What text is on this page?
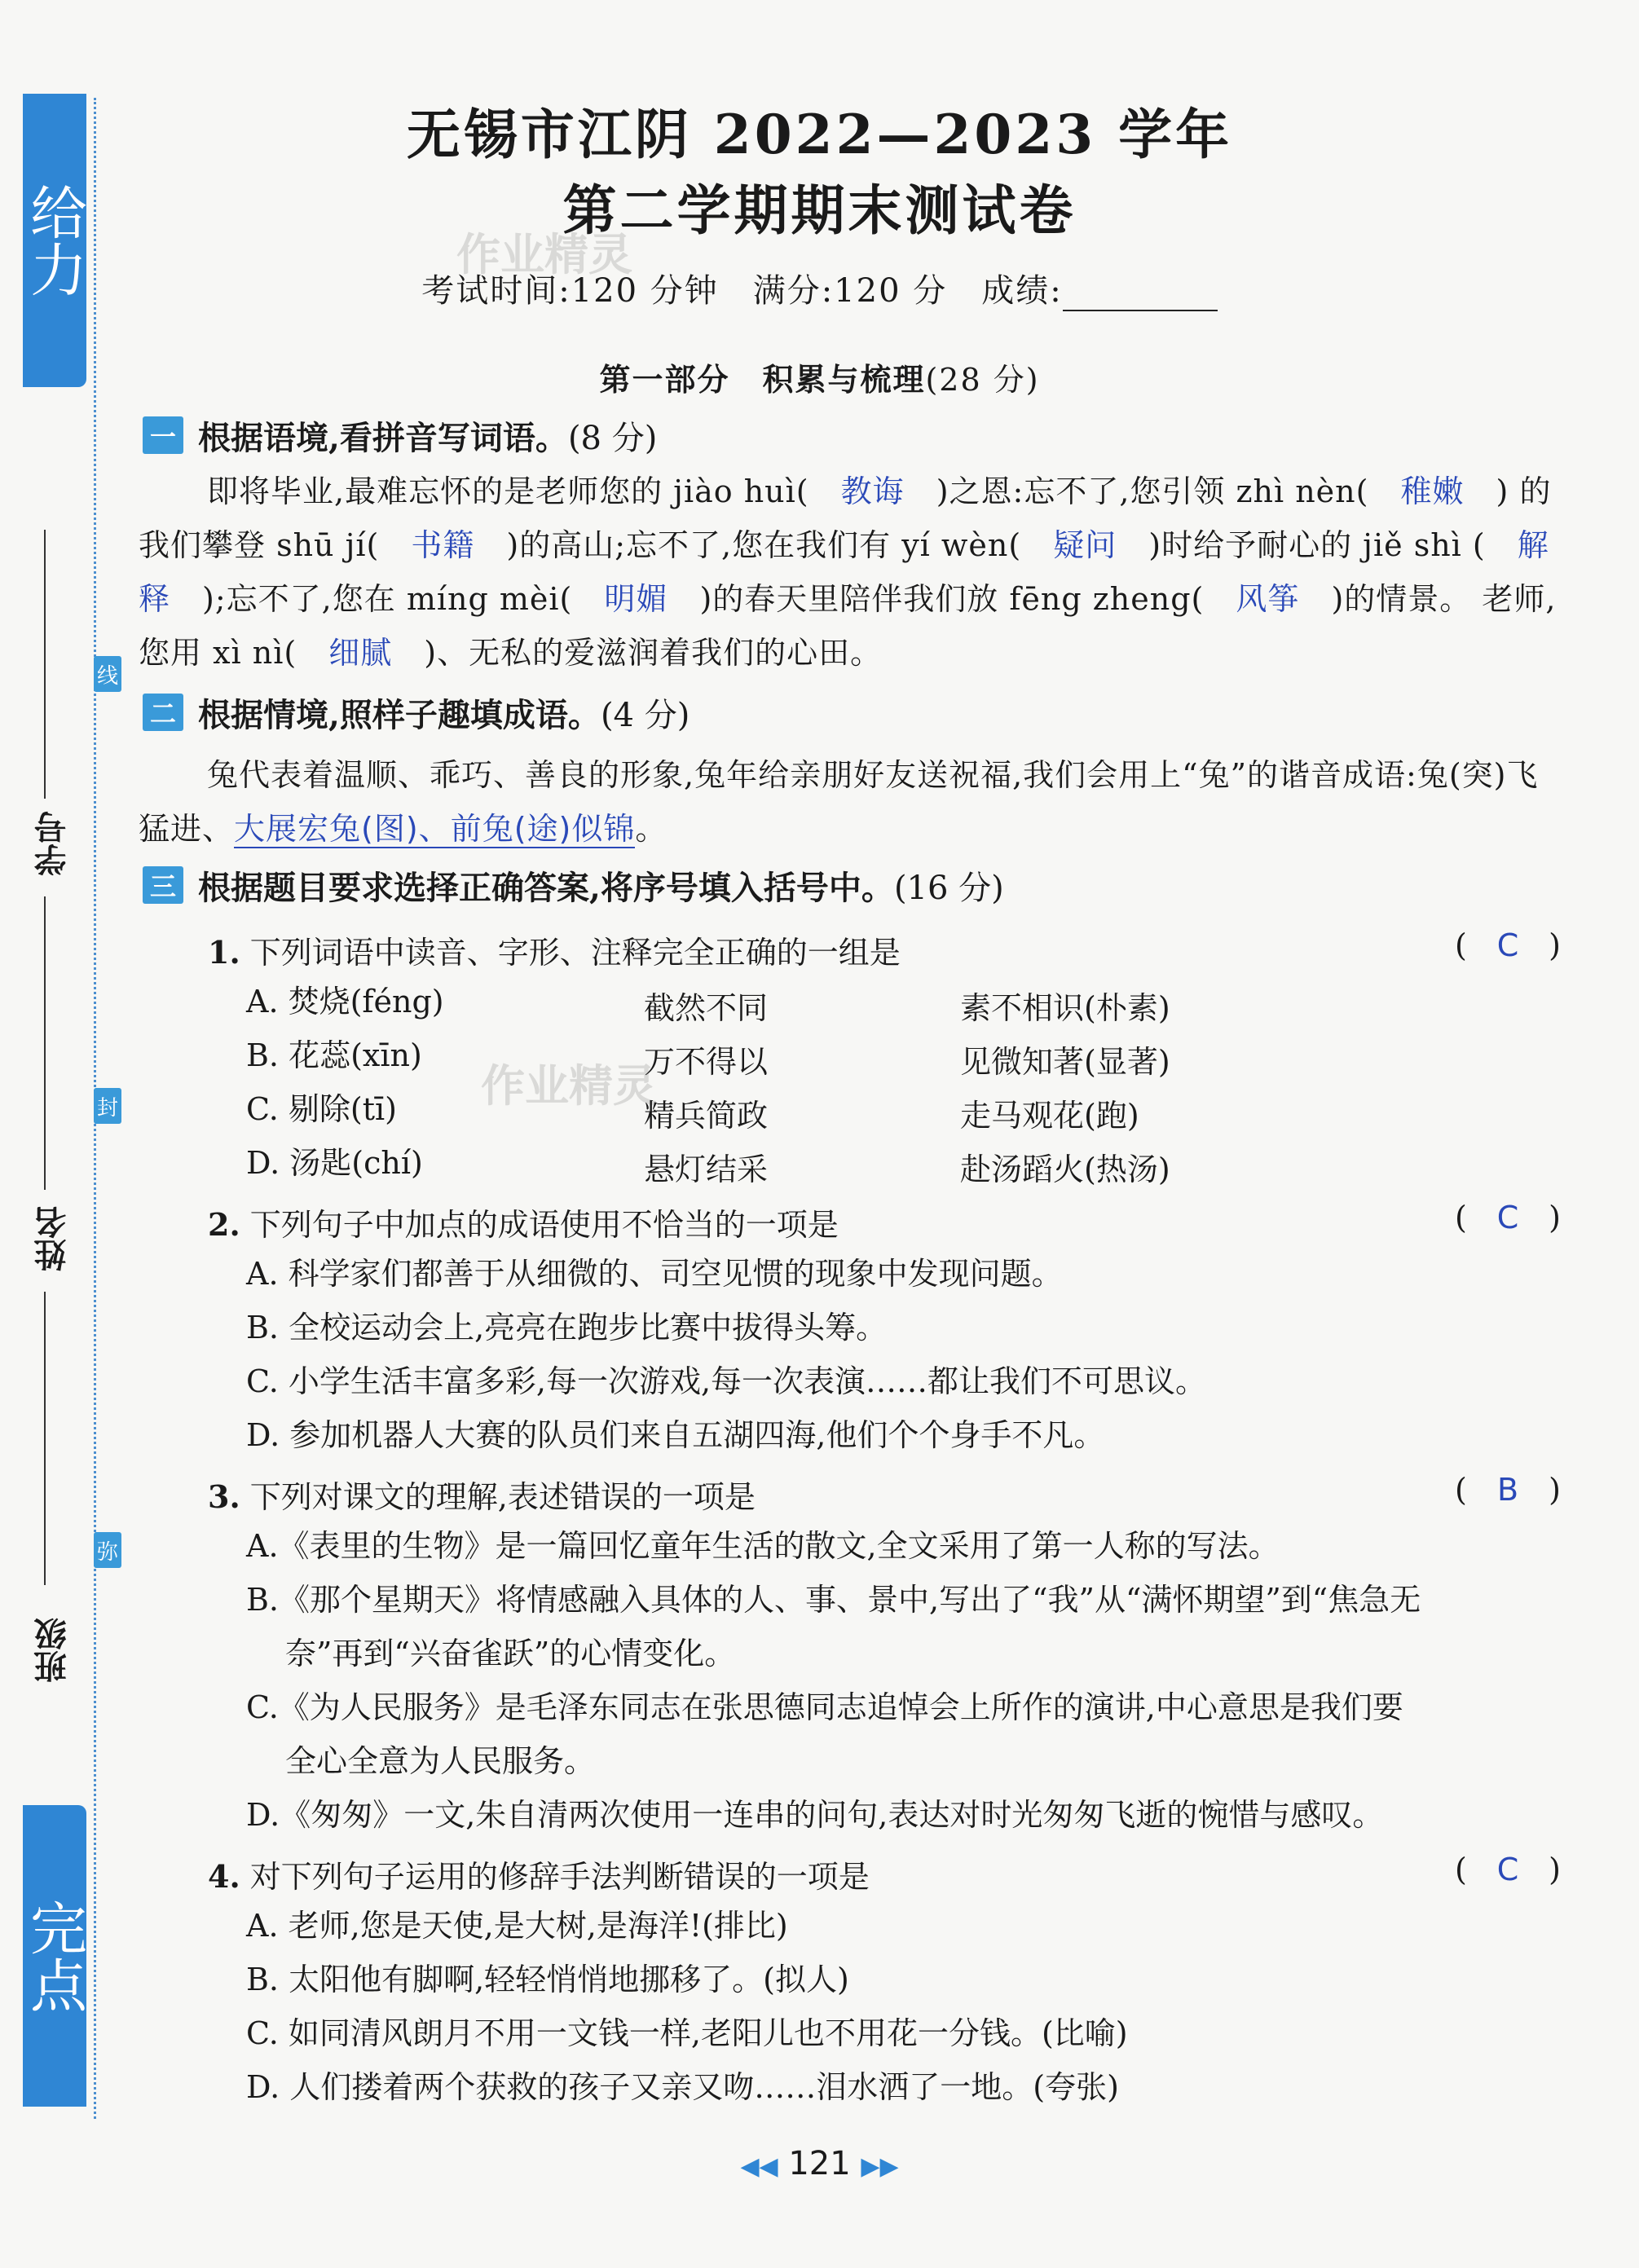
给力
完点
线
封
弥
学号
姓名
班级
作业精灵
作业精灵
无锡市江阴 2022—2023 学年
第二学期期末测试卷
考试时间:120 分钟　满分:120 分　成绩:
第一部分　积累与梳理(28 分)
一 根据语境,看拼音写词语。 (8 分)
即将毕业,最难忘怀的是老师您的 jiào huì(　 教诲　 )之恩:忘不了,您引领 zhì nèn(　 稚嫩　 ) 的我们攀登 shū jí(　 书籍　 )的高山;忘不了,您在我们有 yí wèn(　 疑问　 )时给予耐心的 jiě shì (　 解释　 );忘不了,您在 míng mèi(　 明媚　 )的春天里陪伴我们放 fēng zheng(　 风筝　 )的情景。 老师,您用 xì nì(　 细腻　 )、无私的爱滋润着我们的心田。
二 根据情境,照样子趣填成语。 (4 分)
兔代表着温顺、乖巧、善良的形象,兔年给亲朋好友送祝福,我们会用上“兔”的谐音成语:兔(突)飞猛进、大展宏兔(图)、前兔(途)似锦。
三 根据题目要求选择正确答案,将序号填入括号中。 (16 分)
1. 下列词语中读音、字形、注释完全正确的一组是	( C )
A. 焚烧(féng)	截然不同	素不相识(朴素)
B. 花蕊(xīn)	万不得以	见微知著(显著)
C. 剔除(tī)	精兵简政	走马观花(跑)
D. 汤匙(chí)	悬灯结采	赴汤蹈火(热汤)
2. 下列句子中加点的成语使用不恰当的一项是	( C )
A. 科学家们都善于从细微的、司空见惯的现象中发现问题。
B. 全校运动会上,亮亮在跑步比赛中拔得头筹。
C. 小学生活丰富多彩,每一次游戏,每一次表演……都让我们不可思议。
D. 参加机器人大赛的队员们来自五湖四海,他们个个身手不凡。
3. 下列对课文的理解,表述错误的一项是	( B )
A.《表里的生物》是一篇回忆童年生活的散文,全文采用了第一人称的写法。
B.《那个星期天》将情感融入具体的人、事、景中,写出了“我”从“满怀期望”到“焦急无
奈”再到“兴奋雀跃”的心情变化。
C.《为人民服务》是毛泽东同志在张思德同志追悼会上所作的演讲,中心意思是我们要
全心全意为人民服务。
D.《匆匆》一文,朱自清两次使用一连串的问句,表达对时光匆匆飞逝的惋惜与感叹。
4. 对下列句子运用的修辞手法判断错误的一项是	( C )
A. 老师,您是天使,是大树,是海洋!(排比)
B. 太阳他有脚啊,轻轻悄悄地挪移了。(拟人)
C. 如同清风朗月不用一文钱一样,老阳儿也不用花一分钱。(比喻)
D. 人们搂着两个获救的孩子又亲又吻……泪水洒了一地。(夸张)
◀◀ 121 ▶▶
